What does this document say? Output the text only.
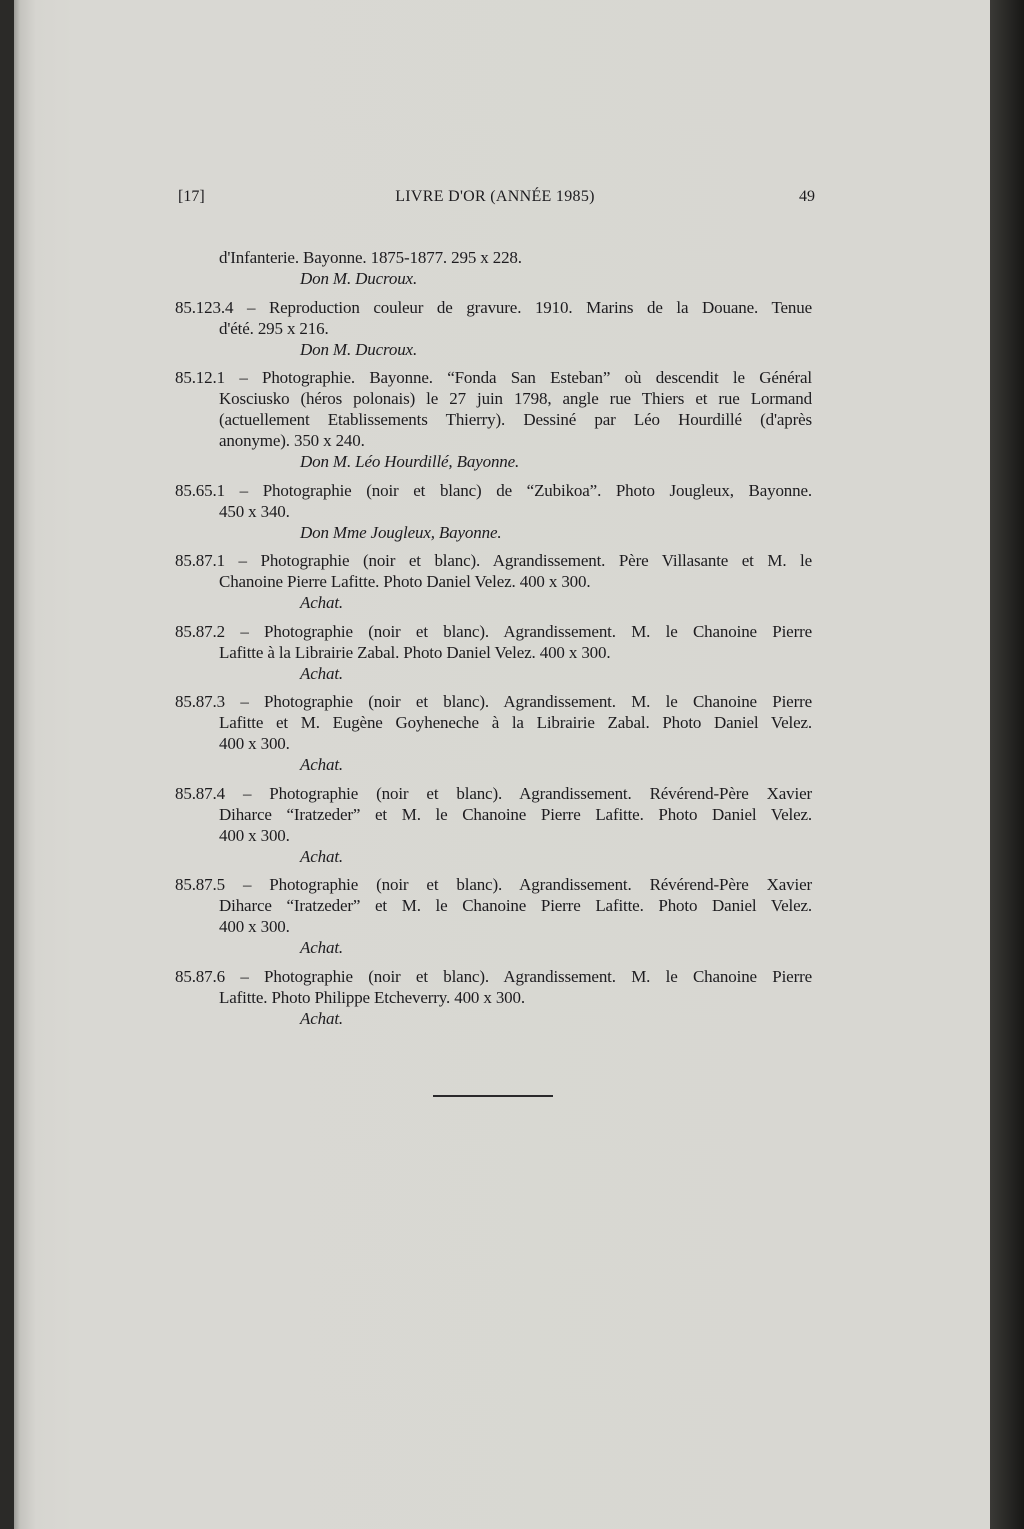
LIVRE D'OR (ANNÉE 1985)
[17]	49
d'Infanterie. Bayonne. 1875-1877. 295 x 228.
Don M. Ducroux.
85.123.4 – Reproduction couleur de gravure. 1910. Marins de la Douane. Tenue
d'été. 295 x 216.
Don M. Ducroux.
85.12.1 – Photographie. Bayonne. “Fonda San Esteban” où descendit le Général
Kosciusko (héros polonais) le 27 juin 1798, angle rue Thiers et rue Lormand
(actuellement Etablissements Thierry). Dessiné par Léo Hourdillé (d'après
anonyme). 350 x 240.
Don M. Léo Hourdillé, Bayonne.
85.65.1 – Photographie (noir et blanc) de “Zubikoa”. Photo Jougleux, Bayonne.
450 x 340.
Don Mme Jougleux, Bayonne.
85.87.1 – Photographie (noir et blanc). Agrandissement. Père Villasante et M. le
Chanoine Pierre Lafitte. Photo Daniel Velez. 400 x 300.
Achat.
85.87.2 – Photographie (noir et blanc). Agrandissement. M. le Chanoine Pierre
Lafitte à la Librairie Zabal. Photo Daniel Velez. 400 x 300.
Achat.
85.87.3 – Photographie (noir et blanc). Agrandissement. M. le Chanoine Pierre
Lafitte et M. Eugène Goyheneche à la Librairie Zabal. Photo Daniel Velez.
400 x 300.
Achat.
85.87.4 – Photographie (noir et blanc). Agrandissement. Révérend-Père Xavier
Diharce “Iratzeder” et M. le Chanoine Pierre Lafitte. Photo Daniel Velez.
400 x 300.
Achat.
85.87.5 – Photographie (noir et blanc). Agrandissement. Révérend-Père Xavier
Diharce “Iratzeder” et M. le Chanoine Pierre Lafitte. Photo Daniel Velez.
400 x 300.
Achat.
85.87.6 – Photographie (noir et blanc). Agrandissement. M. le Chanoine Pierre
Lafitte. Photo Philippe Etcheverry. 400 x 300.
Achat.
